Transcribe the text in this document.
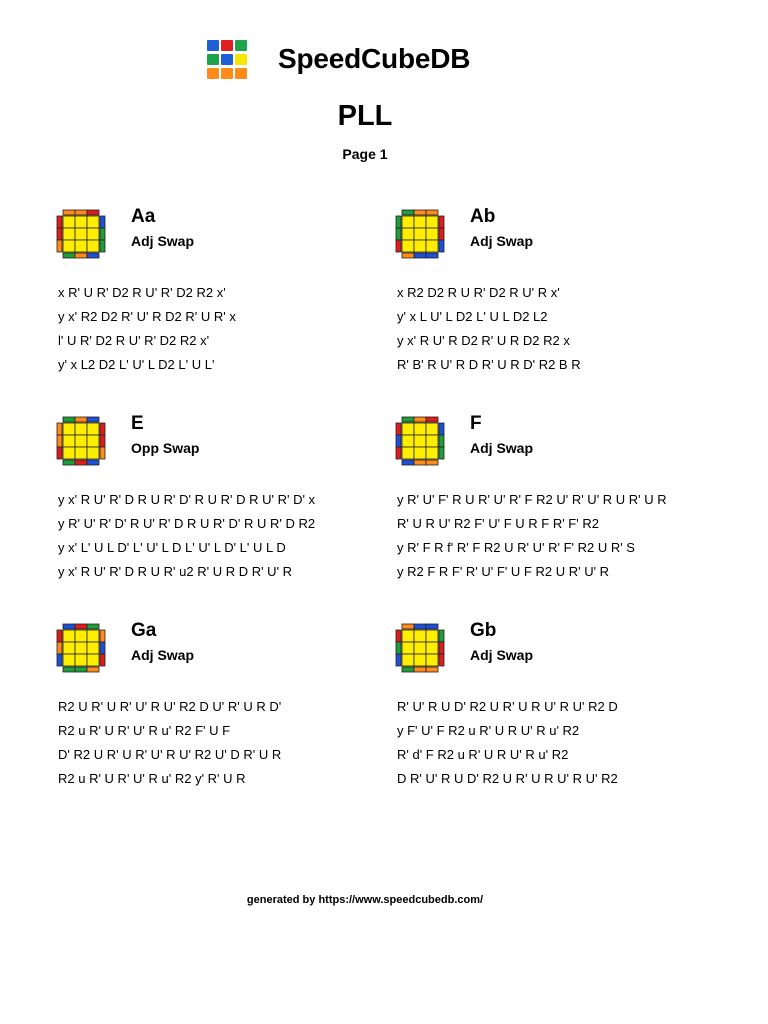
SpeedCubeDB
PLL
Page 1
Aa
Adj Swap
x R' U R' D2 R U' R' D2 R2 x'
y x' R2 D2 R' U' R D2 R' U R' x
l' U R' D2 R U' R' D2 R2 x'
y' x L2 D2 L' U' L D2 L' U L'
Ab
Adj Swap
x R2 D2 R U R' D2 R U' R x'
y' x L U' L D2 L' U L D2 L2
y x' R U' R D2 R' U R D2 R2 x
R' B' R U' R D R' U R D' R2 B R
E
Opp Swap
y x' R U' R' D R U R' D' R U R' D R U' R' D' x
y R' U' R' D' R U' R' D R U R' D' R U R' D R2
y x' L' U L D' L' U' L D L' U' L D' L' U L D
y x' R U' R' D R U R' u2 R' U R D R' U' R
F
Adj Swap
y R' U' F' R U R' U' R' F R2 U' R' U' R U R' U R
R' U R U' R2 F' U' F U R F R' F' R2
y R' F R f' R' F R2 U R' U' R' F' R2 U R' S
y R2 F R F' R' U' F' U F R2 U R' U' R
Ga
Adj Swap
R2 U R' U R' U' R U' R2 D U' R' U R D'
R2 u R' U R' U' R u' R2 F' U F
D' R2 U R' U R' U' R U' R2 U' D R' U R
R2 u R' U R' U' R u' R2 y' R' U R
Gb
Adj Swap
R' U' R U D' R2 U R' U R U' R U' R2 D
y F' U' F R2 u R' U R U' R u' R2
R' d' F R2 u R' U R U' R u' R2
D R' U' R U D' R2 U R' U R U' R U' R2
generated by https://www.speedcubedb.com/
